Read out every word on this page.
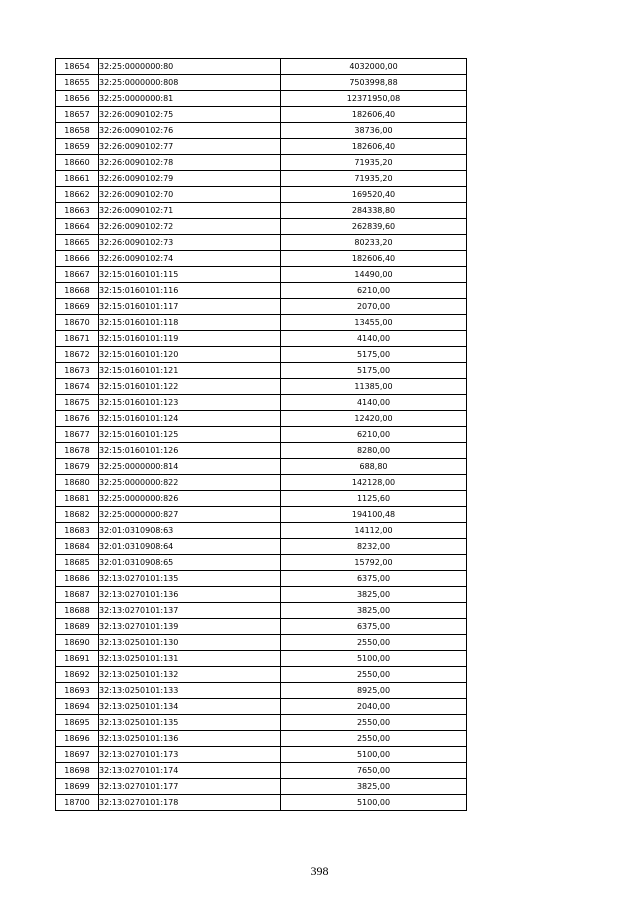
18654	32:25:0000000:80	4032000,00
18655	32:25:0000000:808	7503998,88
18656	32:25:0000000:81	12371950,08
18657	32:26:0090102:75	182606,40
18658	32:26:0090102:76	38736,00
18659	32:26:0090102:77	182606,40
18660	32:26:0090102:78	71935,20
18661	32:26:0090102:79	71935,20
18662	32:26:0090102:70	169520,40
18663	32:26:0090102:71	284338,80
18664	32:26:0090102:72	262839,60
18665	32:26:0090102:73	80233,20
18666	32:26:0090102:74	182606,40
18667	32:15:0160101:115	14490,00
18668	32:15:0160101:116	6210,00
18669	32:15:0160101:117	2070,00
18670	32:15:0160101:118	13455,00
18671	32:15:0160101:119	4140,00
18672	32:15:0160101:120	5175,00
18673	32:15:0160101:121	5175,00
18674	32:15:0160101:122	11385,00
18675	32:15:0160101:123	4140,00
18676	32:15:0160101:124	12420,00
18677	32:15:0160101:125	6210,00
18678	32:15:0160101:126	8280,00
18679	32:25:0000000:814	688,80
18680	32:25:0000000:822	142128,00
18681	32:25:0000000:826	1125,60
18682	32:25:0000000:827	194100,48
18683	32:01:0310908:63	14112,00
18684	32:01:0310908:64	8232,00
18685	32:01:0310908:65	15792,00
18686	32:13:0270101:135	6375,00
18687	32:13:0270101:136	3825,00
18688	32:13:0270101:137	3825,00
18689	32:13:0270101:139	6375,00
18690	32:13:0250101:130	2550,00
18691	32:13:0250101:131	5100,00
18692	32:13:0250101:132	2550,00
18693	32:13:0250101:133	8925,00
18694	32:13:0250101:134	2040,00
18695	32:13:0250101:135	2550,00
18696	32:13:0250101:136	2550,00
18697	32:13:0270101:173	5100,00
18698	32:13:0270101:174	7650,00
18699	32:13:0270101:177	3825,00
18700	32:13:0270101:178	5100,00
398
